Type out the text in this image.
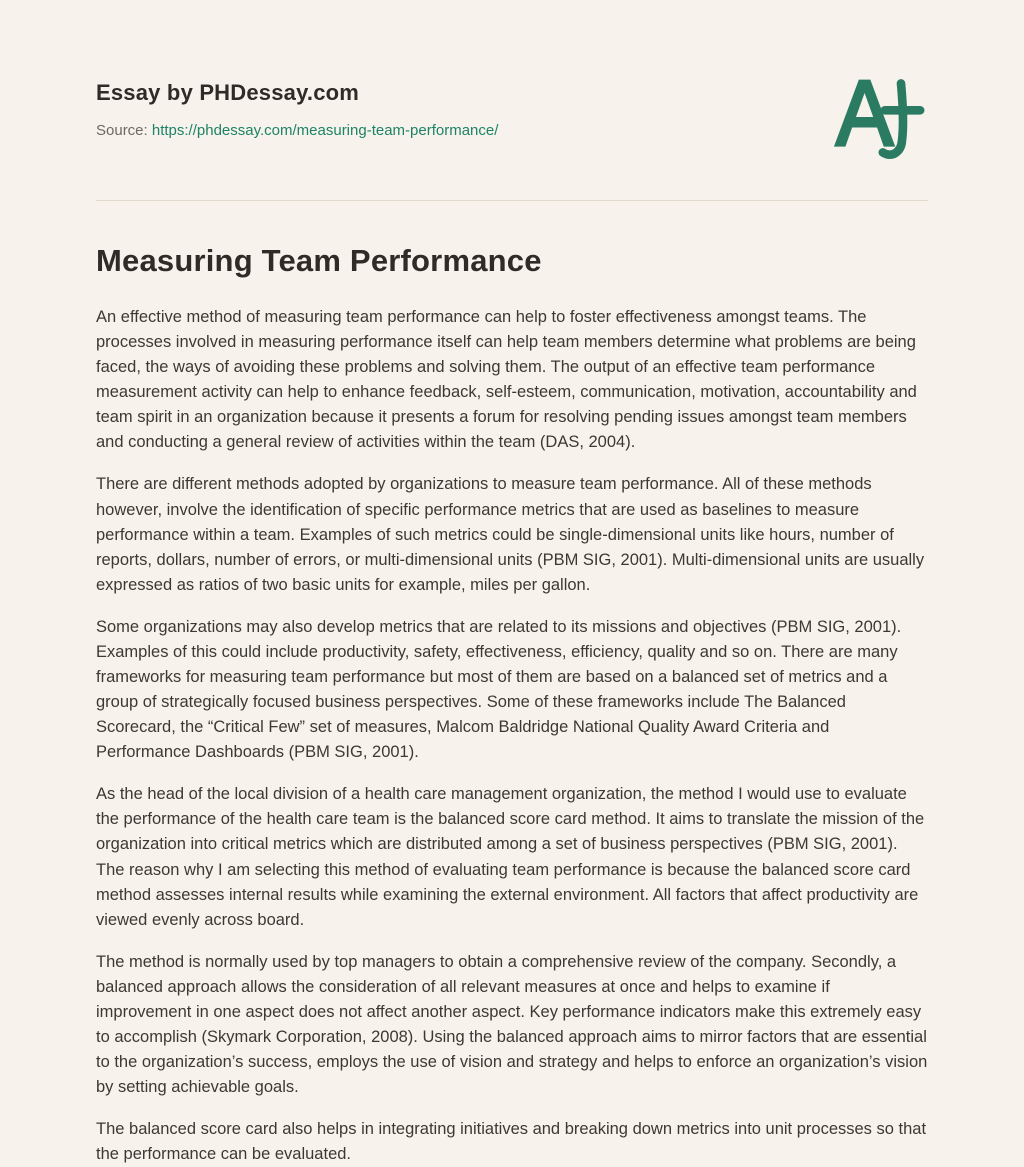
Essay by PHDessay.com
Source: https://phdessay.com/measuring-team-performance/
Measuring Team Performance

An effective method of measuring team performance can help to foster effectiveness amongst teams. The processes involved in measuring performance itself can help team members determine what problems are being faced, the ways of avoiding these problems and solving them. The output of an effective team performance measurement activity can help to enhance feedback, self-esteem, communication, motivation, accountability and team spirit in an organization because it presents a forum for resolving pending issues amongst team members and conducting a general review of activities within the team (DAS, 2004).

There are different methods adopted by organizations to measure team performance. All of these methods however, involve the identification of specific performance metrics that are used as baselines to measure performance within a team. Examples of such metrics could be single-dimensional units like hours, number of reports, dollars, number of errors, or multi-dimensional units (PBM SIG, 2001). Multi-dimensional units are usually expressed as ratios of two basic units for example, miles per gallon.

Some organizations may also develop metrics that are related to its missions and objectives (PBM SIG, 2001). Examples of this could include productivity, safety, effectiveness, efficiency, quality and so on. There are many frameworks for measuring team performance but most of them are based on a balanced set of metrics and a group of strategically focused business perspectives. Some of these frameworks include The Balanced Scorecard, the “Critical Few” set of measures, Malcom Baldridge National Quality Award Criteria and Performance Dashboards (PBM SIG, 2001).

As the head of the local division of a health care management organization, the method I would use to evaluate the performance of the health care team is the balanced score card method. It aims to translate the mission of the organization into critical metrics which are distributed among a set of business perspectives (PBM SIG, 2001). The reason why I am selecting this method of evaluating team performance is because the balanced score card method assesses internal results while examining the external environment. All factors that affect productivity are viewed evenly across board.

The method is normally used by top managers to obtain a comprehensive review of the company. Secondly, a balanced approach allows the consideration of all relevant measures at once and helps to examine if improvement in one aspect does not affect another aspect. Key performance indicators make this extremely easy to accomplish (Skymark Corporation, 2008). Using the balanced approach aims to mirror factors that are essential to the organization’s success, employs the use of vision and strategy and helps to enforce an organization’s vision by setting achievable goals.

The balanced score card also helps in integrating initiatives and breaking down metrics into unit processes so that the performance can be evaluated.
